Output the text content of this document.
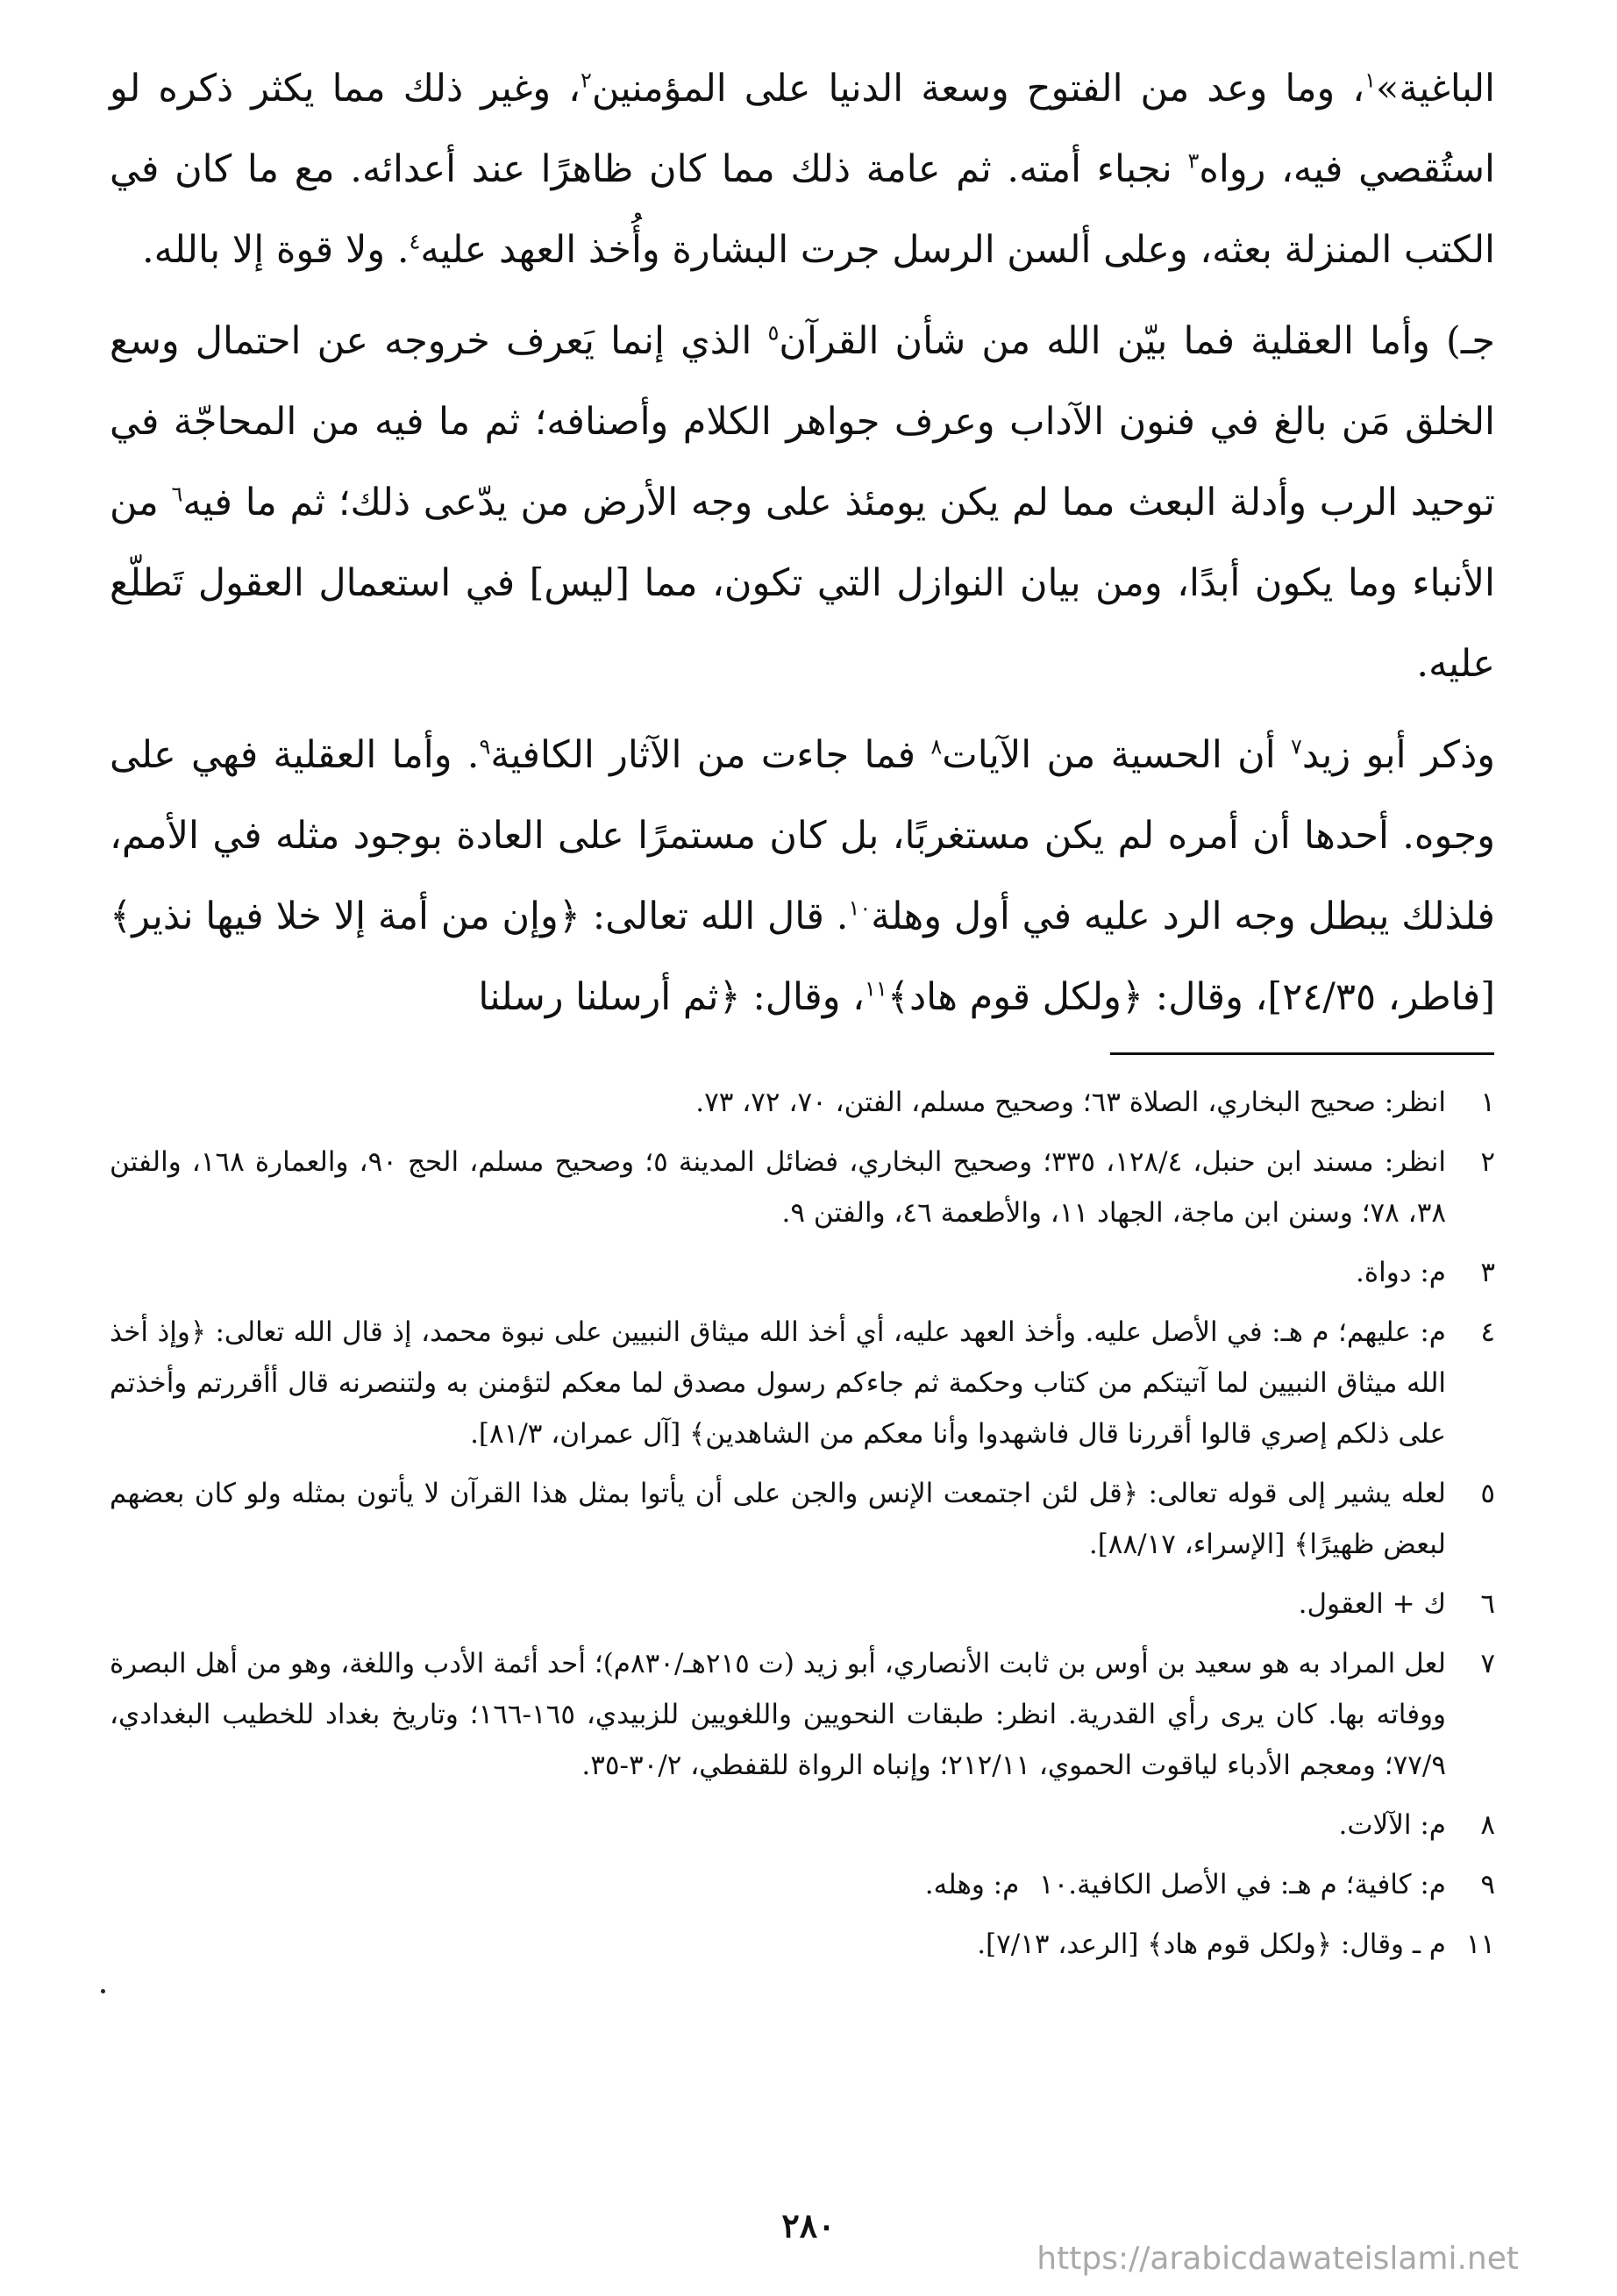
الباغية»$^١$، وما وعد من الفتوح وسعة الدنيا على المؤمنين$^٢$، وغير ذلك مما يكثر ذكره لو استُقصي فيه، رواه$^٣$ نجباء أمته. ثم عامة ذلك مما كان ظاهرًا عند أعدائه. مع ما كان في الكتب المنزلة بعثه، وعلى ألسن الرسل جرت البشارة وأُخذ العهد عليه$^٤$. ولا قوة إلا بالله.

جـ) وأما العقلية فما بيّن الله من شأن القرآن$^٥$ الذي إنما يَعرف خروجه عن احتمال وسع الخلق مَن بالغ في فنون الآداب وعرف جواهر الكلام وأصنافه؛ ثم ما فيه من المحاجّة في توحيد الرب وأدلة البعث مما لم يكن يومئذ على وجه الأرض من يدّعى ذلك؛ ثم ما فيه$^٦$ من الأنباء وما يكون أبدًا، ومن بيان النوازل التي تكون، مما [ليس] في استعمال العقول تَطلّع عليه.

وذكر أبو زيد$^٧$ أن الحسية من الآيات$^٨$ فما جاءت من الآثار الكافية$^٩$. وأما العقلية فهي على وجوه. أحدها أن أمره لم يكن مستغربًا، بل كان مستمرًا على العادة بوجود مثله في الأمم، فلذلك يبطل وجه الرد عليه في أول وهلة$^{١٠}$. قال الله تعالى: ﴿وإن من أمة إلا خلا فيها نذير﴾ [فاطر، ٢٤/٣٥]، وقال: ﴿ولكل قوم هاد﴾$^{١١}$، وقال: ﴿ثم أرسلنا رسلنا

١
انظر: صحيح البخاري، الصلاة ٦٣؛ وصحيح مسلم، الفتن، ٧٠، ٧٢، ٧٣.
٢
انظر: مسند ابن حنبل، ١٢٨/٤، ٣٣٥؛ وصحيح البخاري، فضائل المدينة ٥؛ وصحيح مسلم، الحج ٩٠، والعمارة ١٦٨، والفتن ٣٨، ٧٨؛ وسنن ابن ماجة، الجهاد ١١، والأطعمة ٤٦، والفتن ٩.
٣
م: دواة.
٤
م: عليهم؛ م هـ: في الأصل عليه. وأخذ العهد عليه، أي أخذ الله ميثاق النبيين على نبوة محمد، إذ قال الله تعالى: ﴿وإذ أخذ الله ميثاق النبيين لما آتيتكم من كتاب وحكمة ثم جاءكم رسول مصدق لما معكم لتؤمنن به ولتنصرنه قال أأقررتم وأخذتم على ذلكم إصري قالوا أقررنا قال فاشهدوا وأنا معكم من الشاهدين﴾ [آل عمران، ٨١/٣].
٥
لعله يشير إلى قوله تعالى: ﴿قل لئن اجتمعت الإنس والجن على أن يأتوا بمثل هذا القرآن لا يأتون بمثله ولو كان بعضهم لبعض ظهيرًا﴾ [الإسراء، ٨٨/١٧].
٦
ك + العقول.
٧
لعل المراد به هو سعيد بن أوس بن ثابت الأنصاري، أبو زيد (ت ٢١٥هـ/٨٣٠م)؛ أحد أئمة الأدب واللغة، وهو من أهل البصرة ووفاته بها. كان يرى رأي القدرية. انظر: طبقات النحويين واللغويين للزبيدي، ١٦٥-١٦٦؛ وتاريخ بغداد للخطيب البغدادي، ٧٧/٩؛ ومعجم الأدباء لياقوت الحموي، ٢١٢/١١؛ وإنباه الرواة للقفطي، ٣٠/٢-٣٥.
٨
م: الآلات.
٩
م: كافية؛ م هـ: في الأصل الكافية.
١٠
م: وهله.
١١
م ـ وقال: ﴿ولكل قوم هاد﴾ [الرعد، ٧/١٣].
٢٨٠
https://arabicdawateislami.net
